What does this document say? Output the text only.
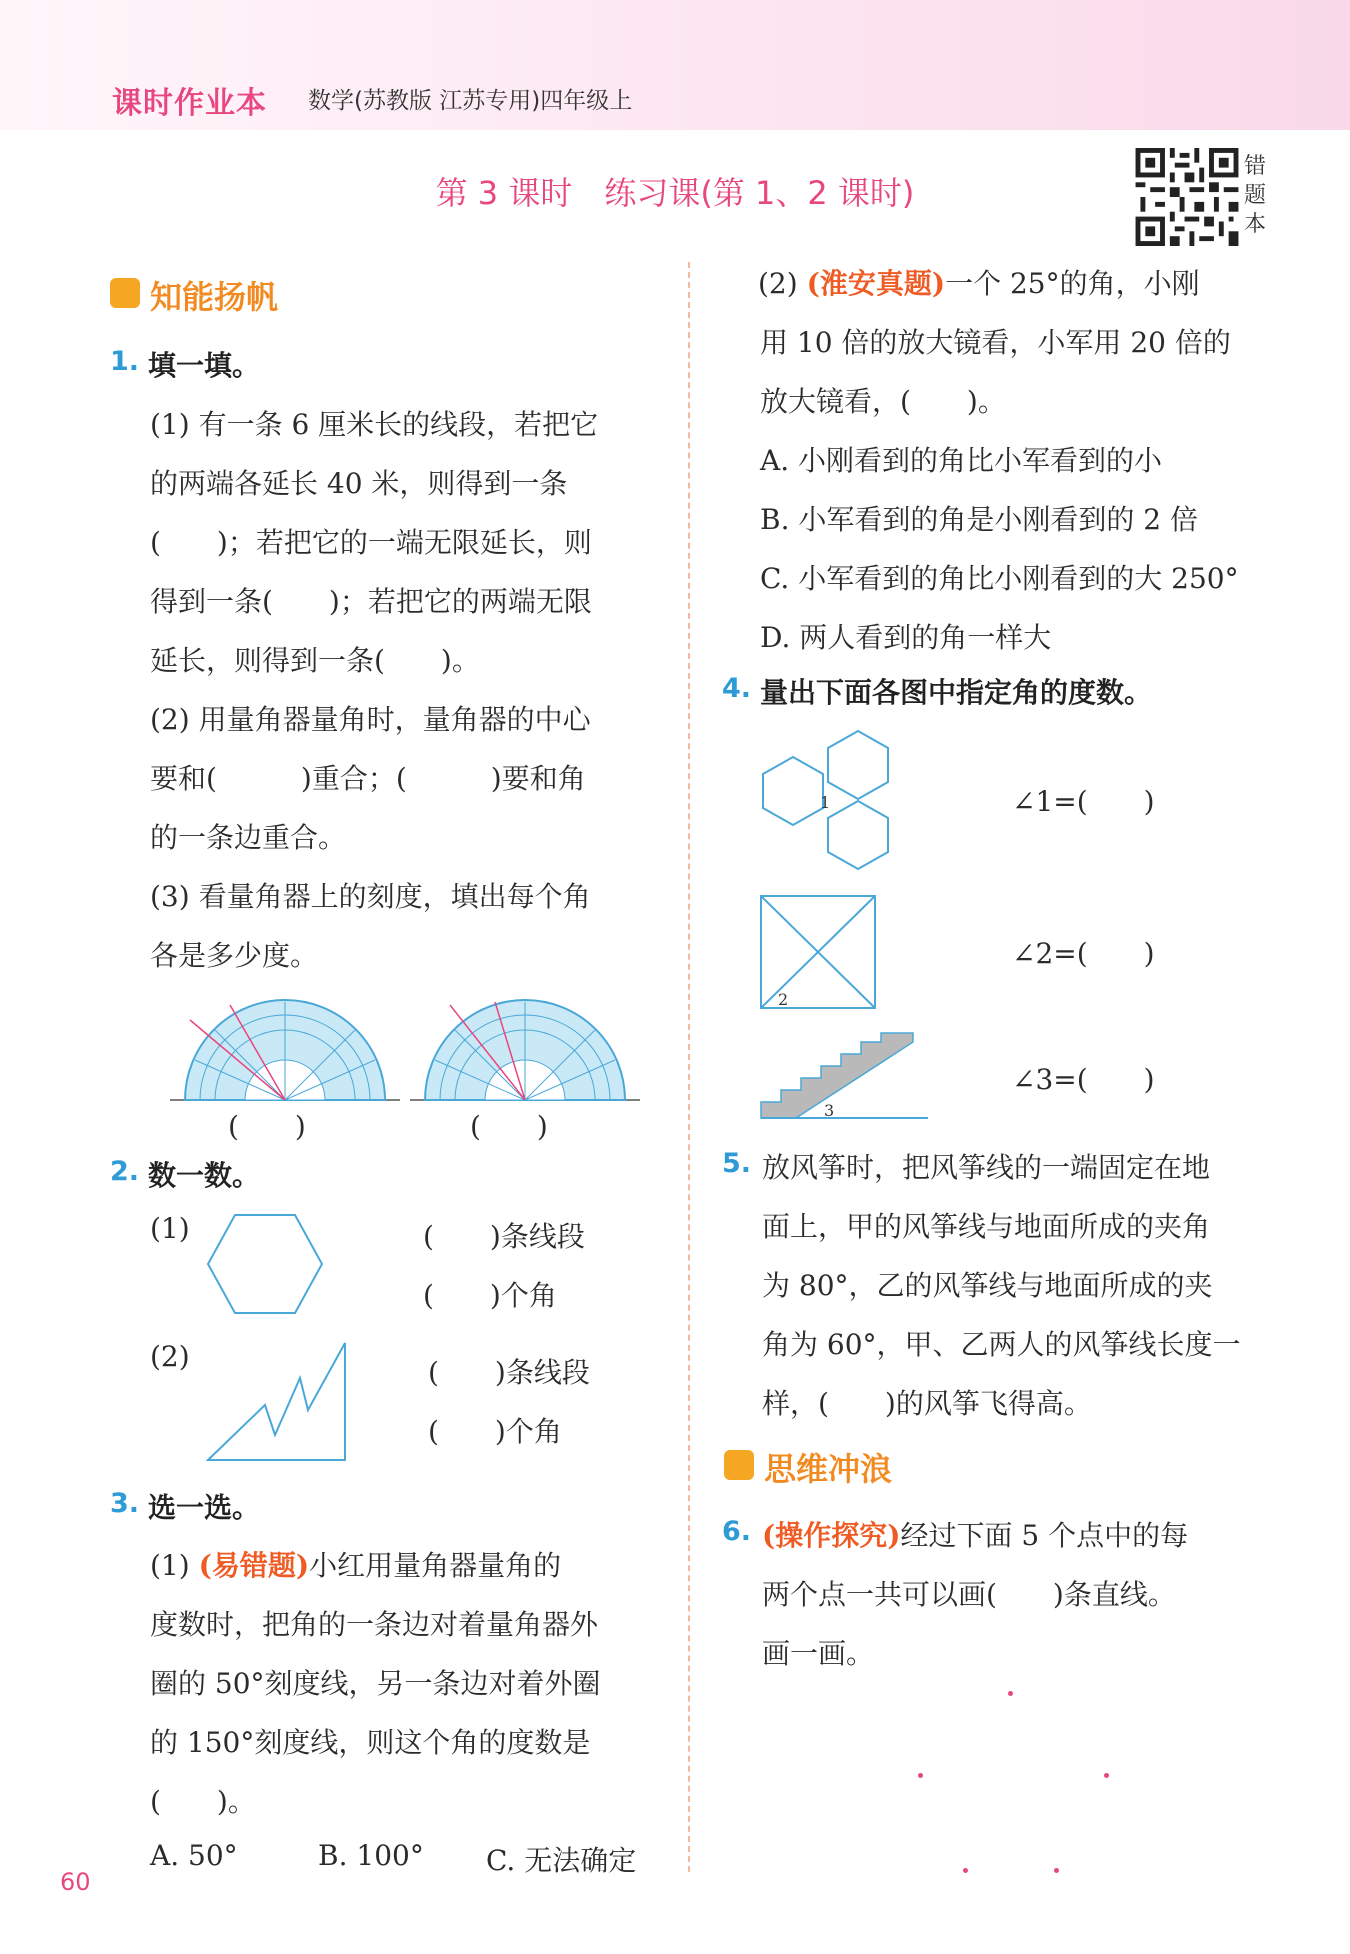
课时作业本 数学(苏教版 江苏专用)四年级上
第 3 课时　练习课(第 1、2 课时)
错
题
本
知能扬帆
1. 填一填。
(1) 有一条 6 厘米长的线段，若把它
的两端各延长 40 米，则得到一条
(　　)；若把它的一端无限延长，则
得到一条(　　)；若把它的两端无限
延长，则得到一条(　　)。
(2) 用量角器量角时，量角器的中心
要和(　　　)重合；(　　　)要和角
的一条边重合。
(3) 看量角器上的刻度，填出每个角
各是多少度。
(　　)	(　　)
2. 数一数。
(1)	(　　)条线段
(　　)个角
(2)	(　　)条线段
(　　)个角
3. 选一选。
(1) (易错题)小红用量角器量角的
度数时，把角的一条边对着量角器外
圈的 50°刻度线，另一条边对着外圈
的 150°刻度线，则这个角的度数是
(　　)。
A. 50°	B. 100° C. 无法确定
(2) (淮安真题)一个 25°的角，小刚
用 10 倍的放大镜看，小军用 20 倍的
放大镜看，(　　)。
A. 小刚看到的角比小军看到的小
B. 小军看到的角是小刚看到的 2 倍
C. 小军看到的角比小刚看到的大 250°
D. 两人看到的角一样大
4. 量出下面各图中指定角的度数。
1	∠1=(　　)
2
∠2=(　　)
3
∠3=(　　)
5. 放风筝时，把风筝线的一端固定在地
面上，甲的风筝线与地面所成的夹角
为 80°，乙的风筝线与地面所成的夹
角为 60°，甲、乙两人的风筝线长度一
样，(　　)的风筝飞得高。
思维冲浪
6. (操作探究)经过下面 5 个点中的每
两个点一共可以画(　　)条直线。
画一画。
60
